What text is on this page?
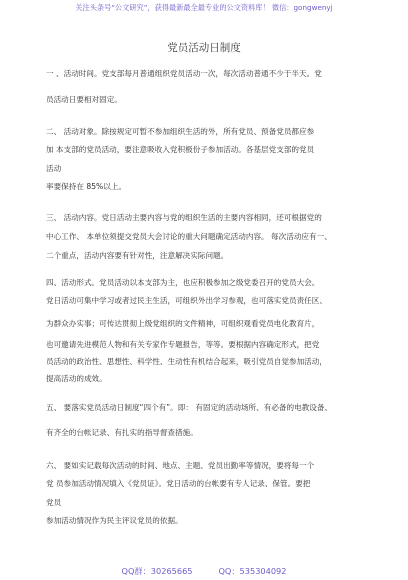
关注头条号“公文研究”，获得最新最全最专业的公文资料库！ 微信：gongwenyj
党员活动日制度
一 、活动时间。党支部每月普通组织党员活动一次，每次活动普通不少于半天。党
员活动日要相对固定。
二、 活动对象。除按规定可暂不参加组织生活的外，所有党员、预备党员都应参
加 本支部的党员活动，要注意吸收入党积极份子参加活动。各基层党支部的党员
活动
率要保持在 85%以上。
三、 活动内容。党日活动主要内容与党的组织生活的主要内容相同，还可根据党的
中心工作、 本单位须提交党员大会讨论的重大问题确定活动内容。 每次活动应有一、
二个重点，活动内容要有针对性，注意解决实际问题。
四、活动形式。党员活动以本支部为主，也应积极参加之级党委召开的党员大会。
党日活动可集中学习或者过民主生活，可组织外出学习参观，也可落实党员责任区、
为群众办实事；可传达贯彻上级党组织的文件精神，可组织观看党员电化教育片，
也可邀请先进模范人物和有关专家作专题报告，等等。要根据内容确定形式，把党
员活动的政治性、思想性、科学性、生动性有机结合起来，吸引党员自觉参加活动，
提高活动的成效。
五、 要落实党员活动日制度“四个有”。即： 有固定的活动场所、有必备的电教设备、
有齐全的台帐记录、有扎实的指导督查措施。
六、 要如实记载每次活动的时间、地点、主题、党员出勤率等情况，要将每一个
党 员参加活动情况填入《党员证》。党日活动的台帐要有专人记录、保管。要把
党员
参加活动情况作为民主评议党员的依据。
QQ群：30265665	QQ：535304092
